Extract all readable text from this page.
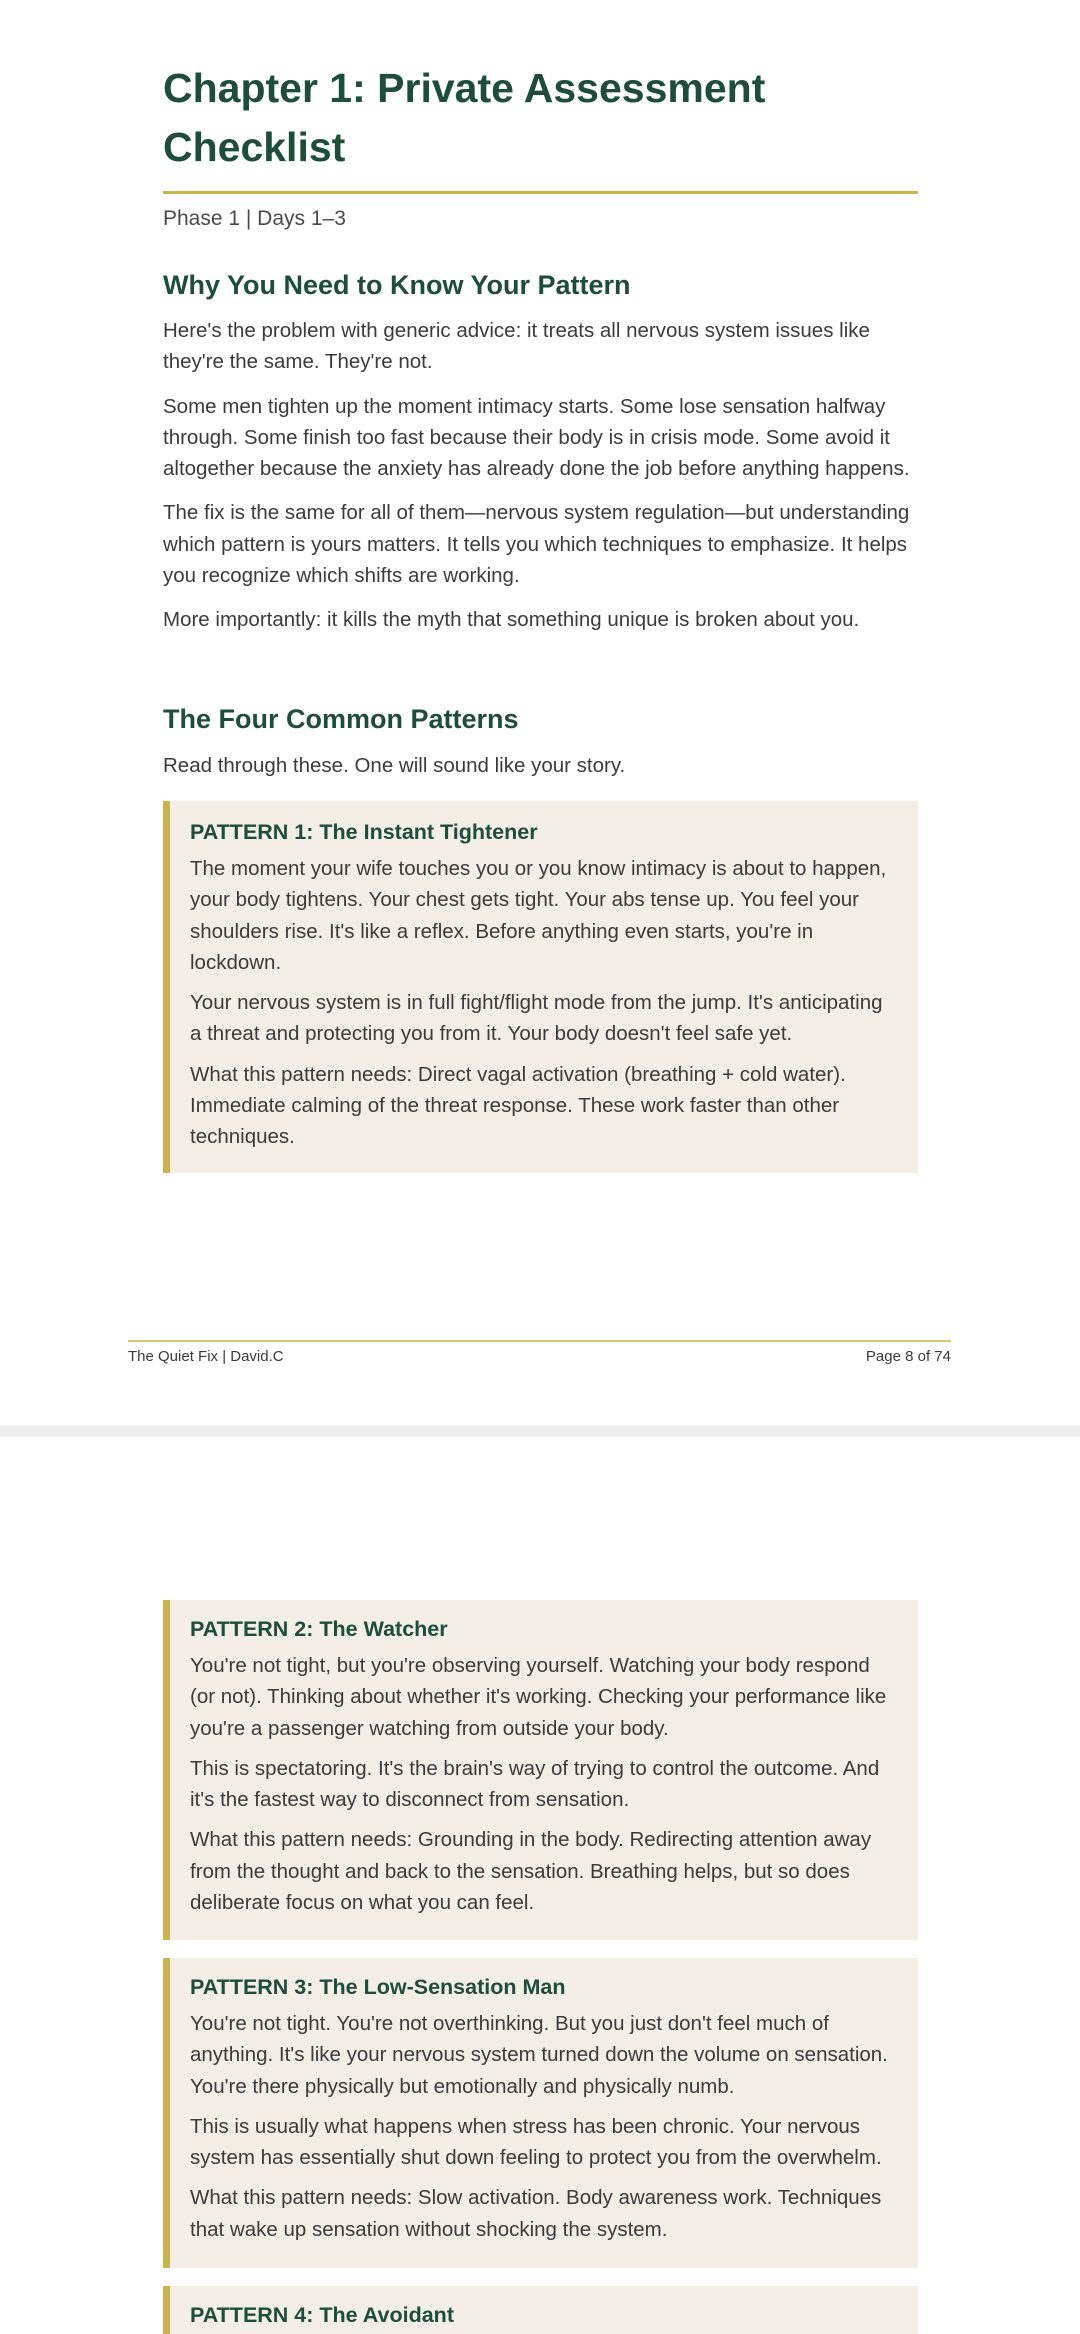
Chapter 1: Private Assessment Checklist
Phase 1 | Days 1–3
Why You Need to Know Your Pattern

Here's the problem with generic advice: it treats all nervous system issues like they're the same. They're not.

Some men tighten up the moment intimacy starts. Some lose sensation halfway through. Some finish too fast because their body is in crisis mode. Some avoid it altogether because the anxiety has already done the job before anything happens.

The fix is the same for all of them—nervous system regulation—but understanding which pattern is yours matters. It tells you which techniques to emphasize. It helps you recognize which shifts are working.

More importantly: it kills the myth that something unique is broken about you.

The Four Common Patterns

Read through these. One will sound like your story.

PATTERN 1: The Instant Tightener

The moment your wife touches you or you know intimacy is about to happen, your body tightens. Your chest gets tight. Your abs tense up. You feel your shoulders rise. It's like a reflex. Before anything even starts, you're in lockdown.

Your nervous system is in full fight/flight mode from the jump. It's anticipating a threat and protecting you from it. Your body doesn't feel safe yet.

What this pattern needs: Direct vagal activation (breathing + cold water). Immediate calming of the threat response. These work faster than other techniques.

The Quiet Fix | David.C	Page 8 of 74
PATTERN 2: The Watcher

You're not tight, but you're observing yourself. Watching your body respond (or not). Thinking about whether it's working. Checking your performance like you're a passenger watching from outside your body.

This is spectatoring. It's the brain's way of trying to control the outcome. And it's the fastest way to disconnect from sensation.

What this pattern needs: Grounding in the body. Redirecting attention away from the thought and back to the sensation. Breathing helps, but so does deliberate focus on what you can feel.

PATTERN 3: The Low-Sensation Man

You're not tight. You're not overthinking. But you just don't feel much of anything. It's like your nervous system turned down the volume on sensation. You're there physically but emotionally and physically numb.

This is usually what happens when stress has been chronic. Your nervous system has essentially shut down feeling to protect you from the overwhelm.

What this pattern needs: Slow activation. Body awareness work. Techniques that wake up sensation without shocking the system.

PATTERN 4: The Avoidant
